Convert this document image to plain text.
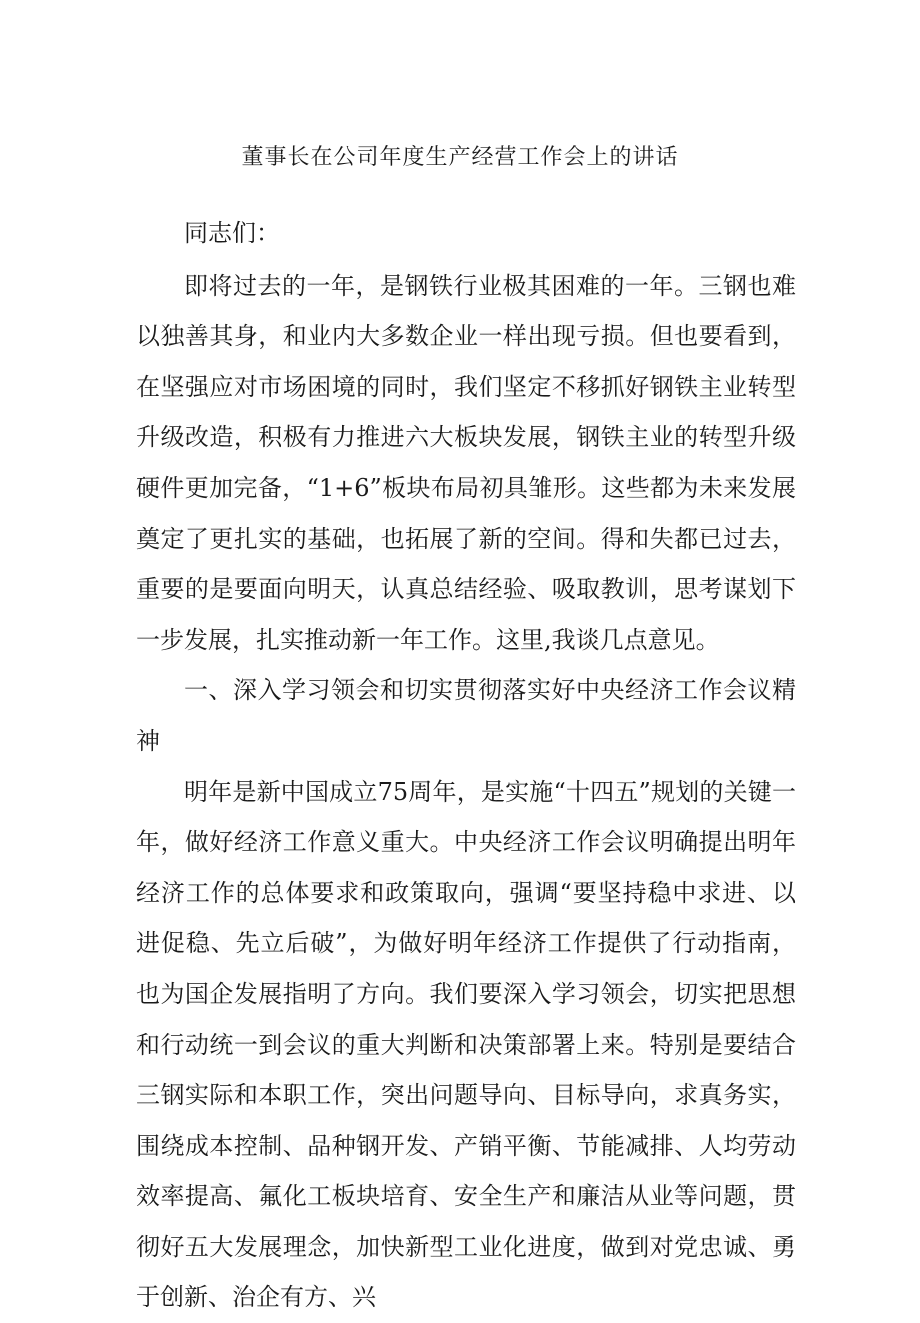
董事长在公司年度生产经营工作会上的讲话

同志们：

即将过去的一年，是钢铁行业极其困难的一年。三钢也难以独善其身，和业内大多数企业一样出现亏损。但也要看到，在坚强应对市场困境的同时，我们坚定不移抓好钢铁主业转型升级改造，积极有力推进六大板块发展，钢铁主业的转型升级硬件更加完备，“1+6”板块布局初具雏形。这些都为未来发展奠定了更扎实的基础，也拓展了新的空间。得和失都已过去，重要的是要面向明天，认真总结经验、吸取教训，思考谋划下一步发展，扎实推动新一年工作。这里,我谈几点意见。

一、深入学习领会和切实贯彻落实好中央经济工作会议精神

明年是新中国成立75周年，是实施“十四五”规划的关键一年，做好经济工作意义重大。中央经济工作会议明确提出明年经济工作的总体要求和政策取向，强调“要坚持稳中求进、以进促稳、先立后破”，为做好明年经济工作提供了行动指南，也为国企发展指明了方向。我们要深入学习领会，切实把思想和行动统一到会议的重大判断和决策部署上来。特别是要结合三钢实际和本职工作，突出问题导向、目标导向，求真务实，围绕成本控制、品种钢开发、产销平衡、节能减排、人均劳动效率提高、氟化工板块培育、安全生产和廉洁从业等问题，贯彻好五大发展理念，加快新型工业化进度，做到对党忠诚、勇于创新、治企有方、兴
